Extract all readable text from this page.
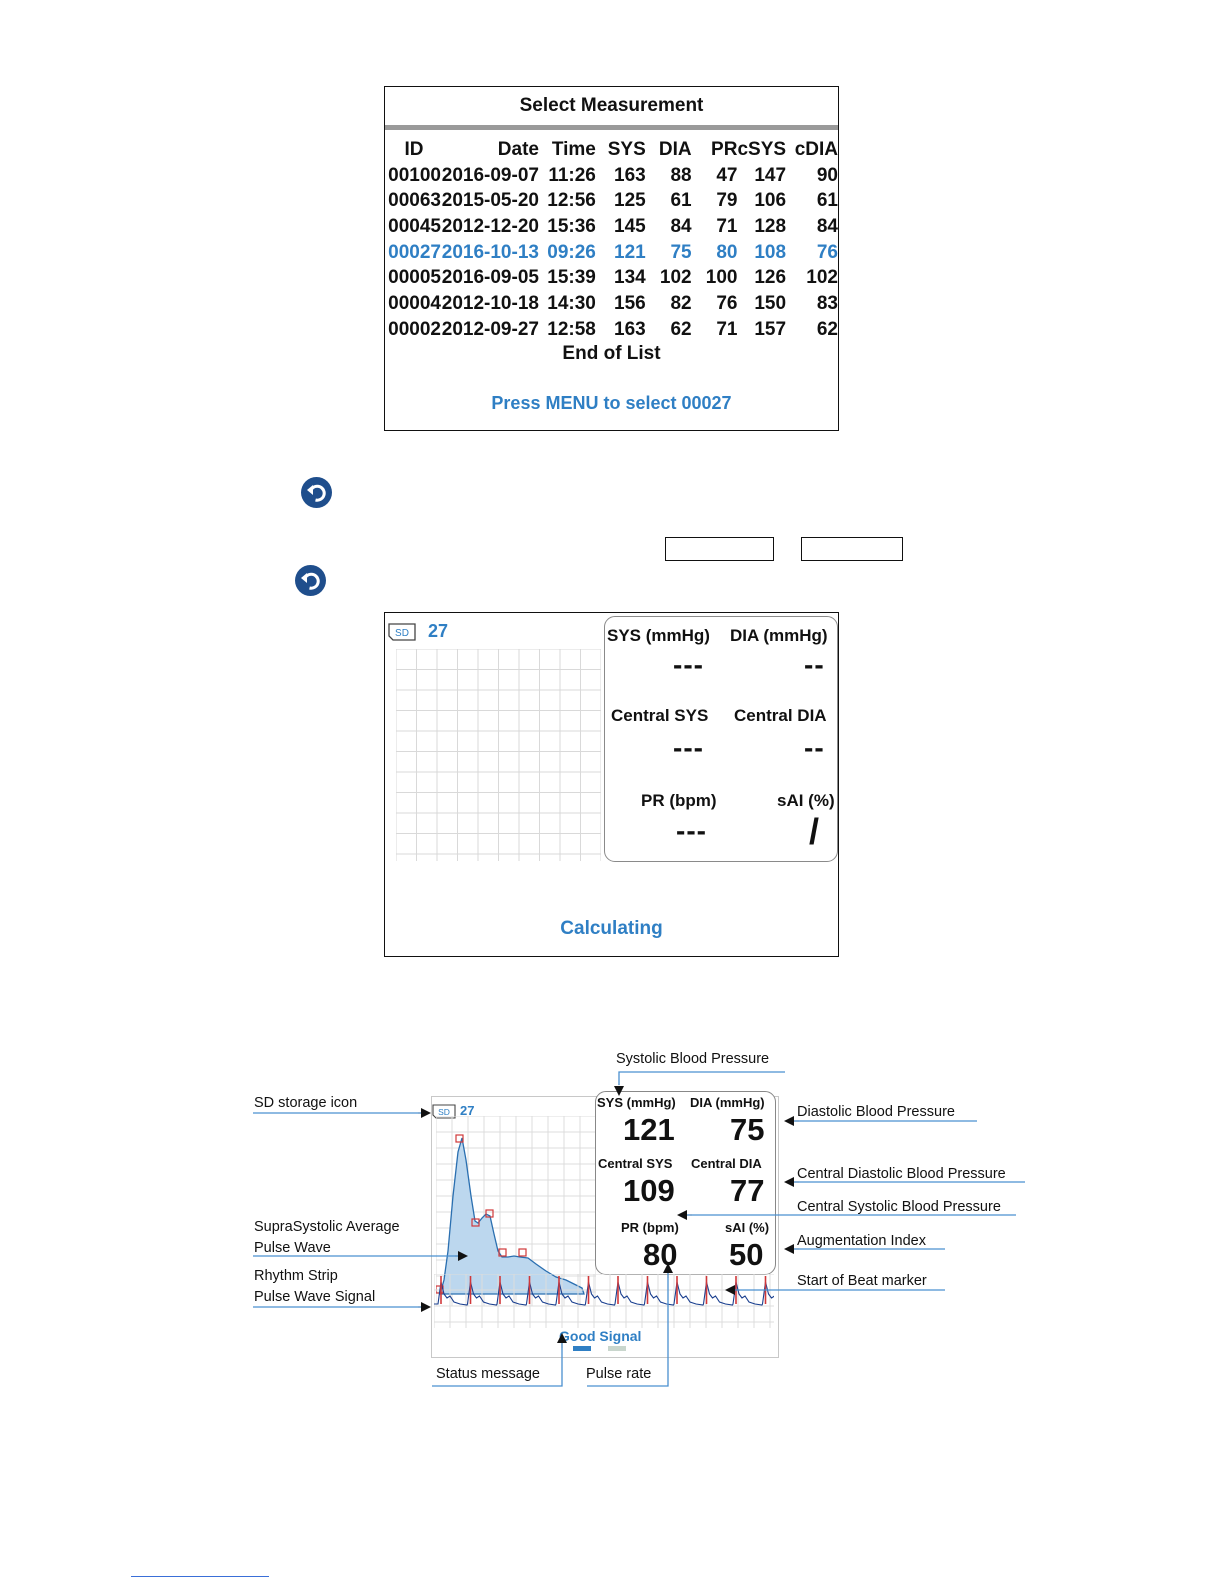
Select Measurement
ID	Date	Time	SYS	DIA	PR	cSYS	cDIA
00100	2016-09-07	11:26	163	88	47	147	90
00063	2015-05-20	12:56	125	61	79	106	61
00045	2012-12-20	15:36	145	84	71	128	84
00027	2016-10-13	09:26	121	75	80	108	76
00005	2016-09-05	15:39	134	102	100	126	102
00004	2012-10-18	14:30	156	82	76	150	83
00002	2012-09-27	12:58	163	62	71	157	62
End of List
Press MENU to select 00027
SD 27	SYS (mmHg) DIA (mmHg)
---	--
Central SYS Central DIA
---	--
PR (bpm)	sAI (%)
---	/
Calculating
SD 27
SYS (mmHg) DIA (mmHg)
121 75
Central SYS Central DIA
109 77
PR (bpm)	sAI (%)
80 50
Good Signal
Systolic Blood Pressure
SD storage icon
Diastolic Blood Pressure
Central Diastolic Blood Pressure
Central Systolic Blood Pressure
SupraSystolic Average
Pulse Wave	Augmentation Index
Rhythm Strip
Pulse Wave Signal
Start of Beat marker
Status message	Pulse rate
